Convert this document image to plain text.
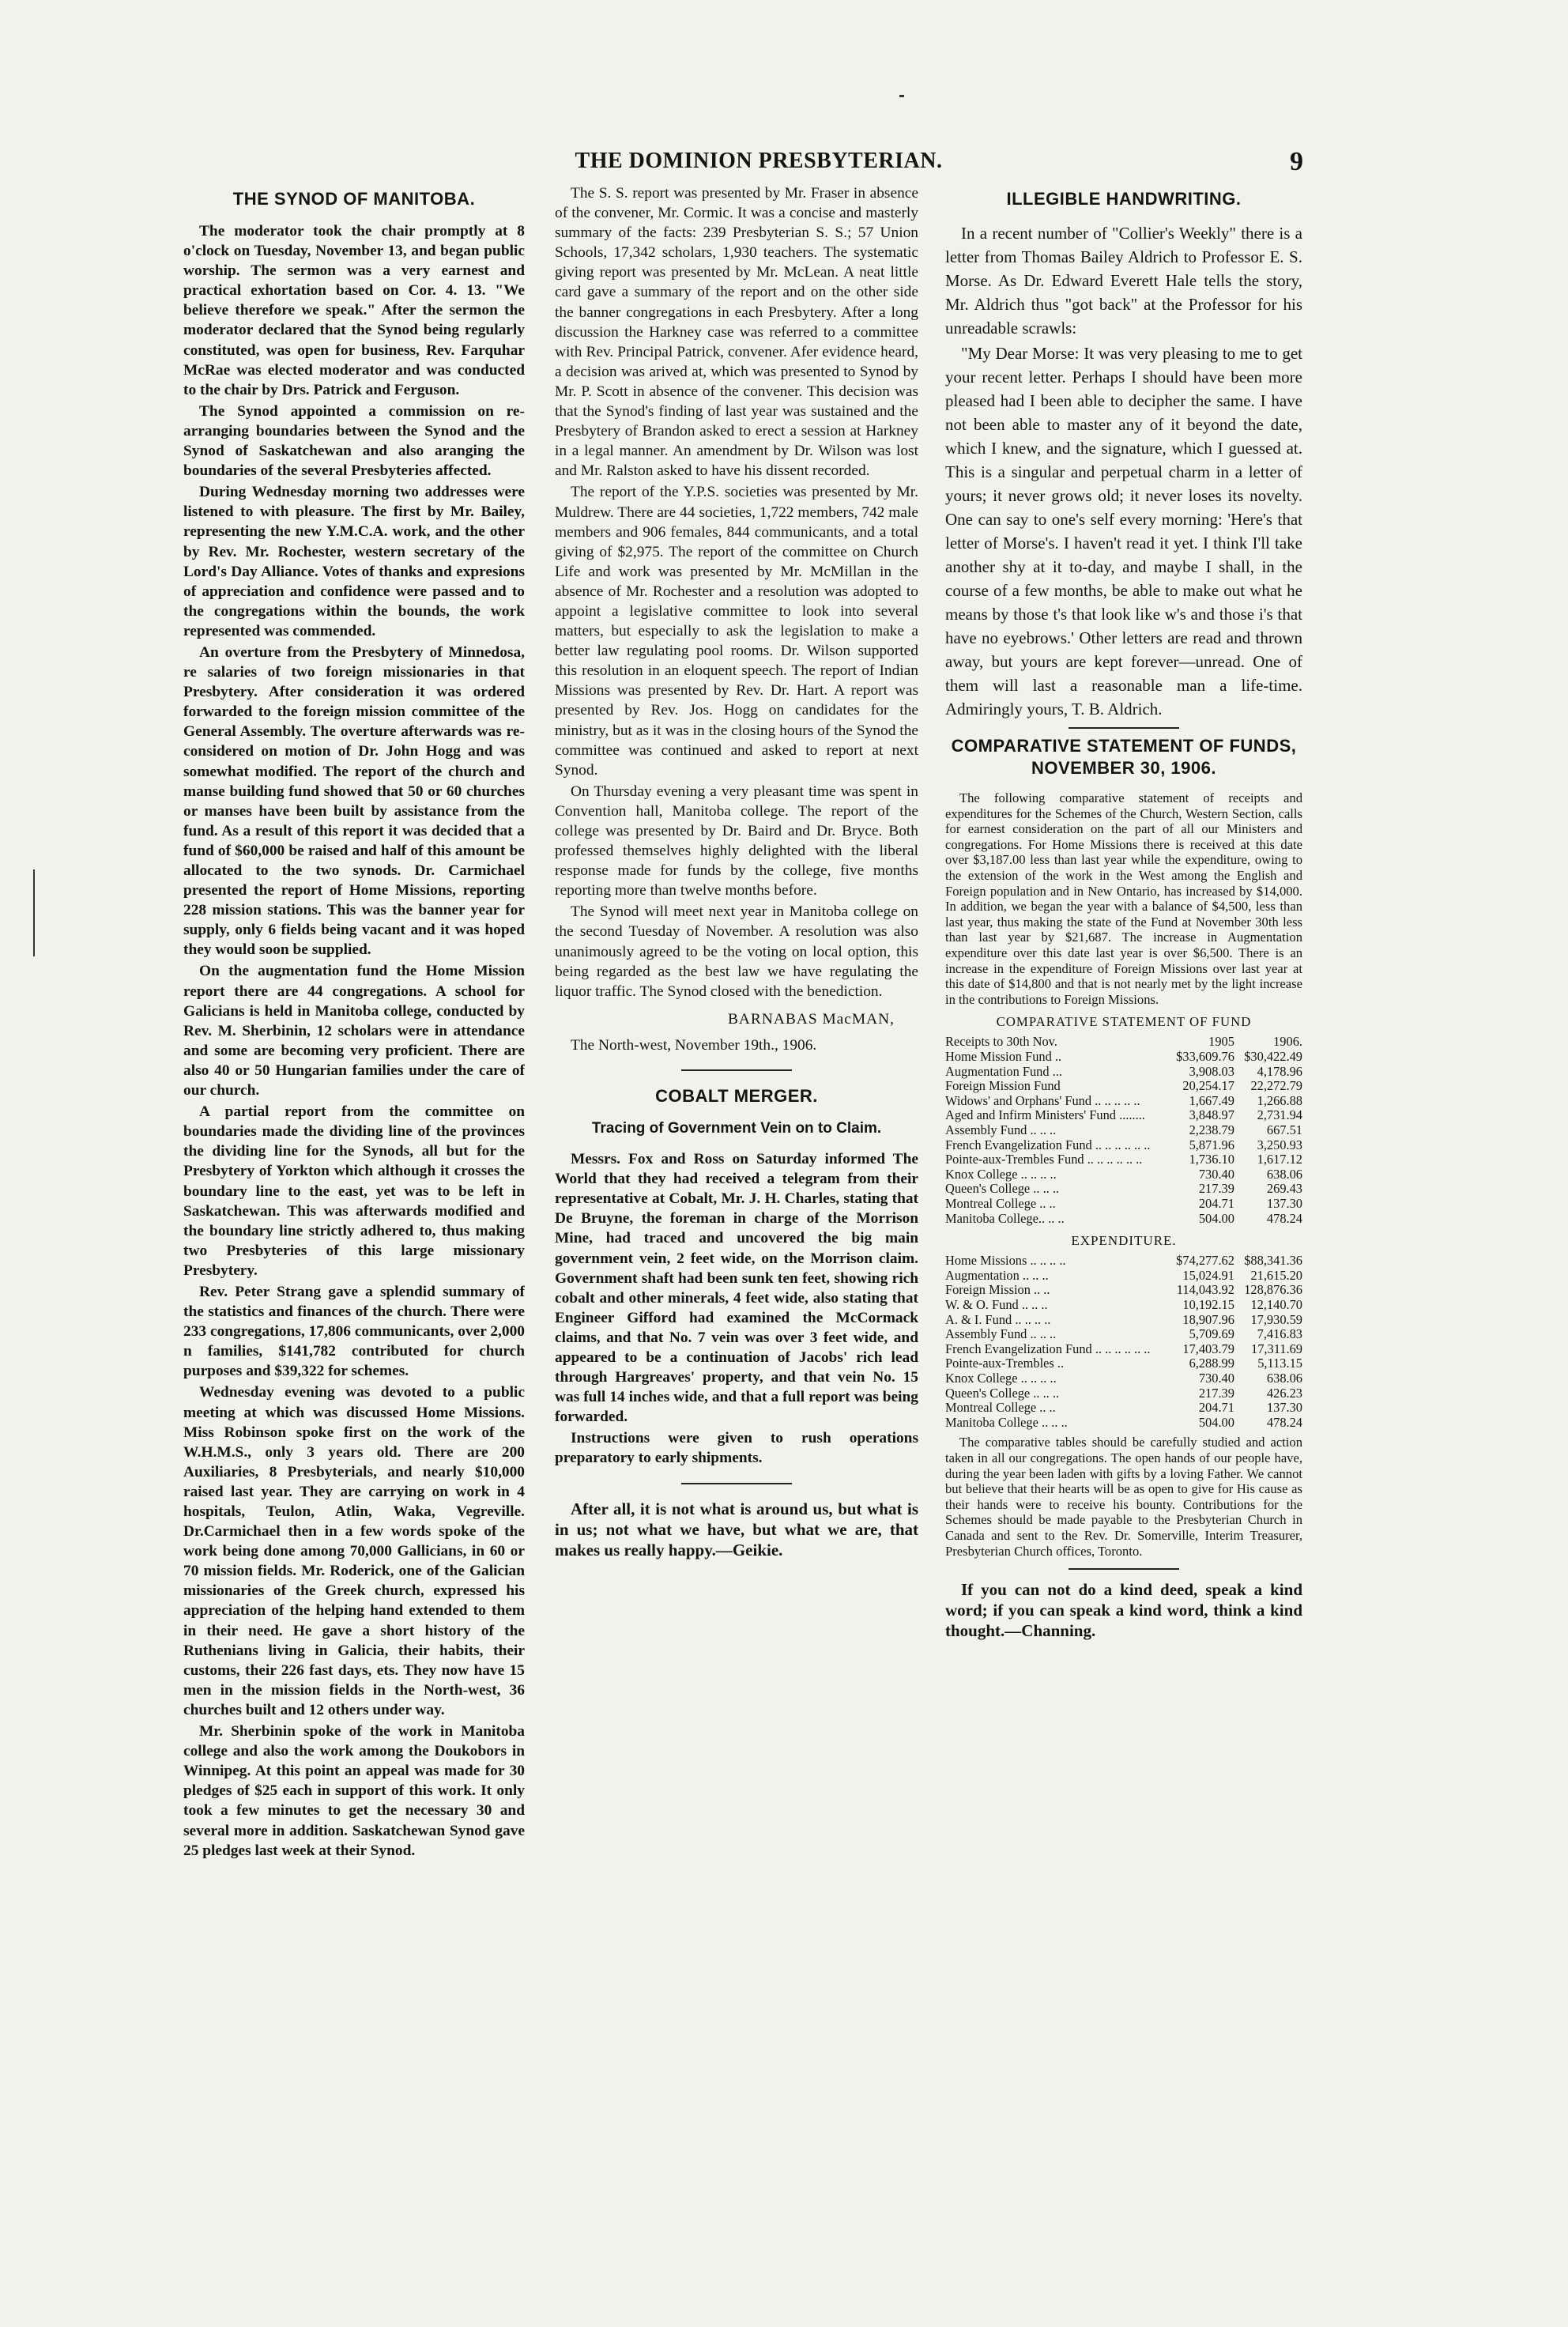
THE DOMINION PRESBYTERIAN.	9
THE SYNOD OF MANITOBA.

The moderator took the chair promptly at 8 o'clock on Tuesday, November 13, and began public worship. The sermon was a very earnest and practical exhortation based on Cor. 4. 13. "We believe therefore we speak." After the sermon the moderator declared that the Synod being regularly constituted, was open for business, Rev. Farquhar McRae was elected moderator and was conducted to the chair by Drs. Patrick and Ferguson.

The Synod appointed a commission on re-arranging boundaries between the Synod and the Synod of Saskatchewan and also aranging the boundaries of the several Presbyteries affected.

During Wednesday morning two addresses were listened to with pleasure. The first by Mr. Bailey, representing the new Y.M.C.A. work, and the other by Rev. Mr. Rochester, western secretary of the Lord's Day Alliance. Votes of thanks and expresions of appreciation and confidence were passed and to the congregations within the bounds, the work represented was commended.

An overture from the Presbytery of Minnedosa, re salaries of two foreign missionaries in that Presbytery. After consideration it was ordered forwarded to the foreign mission committee of the General Assembly. The overture afterwards was re-considered on motion of Dr. John Hogg and was somewhat modified. The report of the church and manse building fund showed that 50 or 60 churches or manses have been built by assistance from the fund. As a result of this report it was decided that a fund of $60,000 be raised and half of this amount be allocated to the two synods. Dr. Carmichael presented the report of Home Missions, reporting 228 mission stations. This was the banner year for supply, only 6 fields being vacant and it was hoped they would soon be supplied.

On the augmentation fund the Home Mission report there are 44 congregations. A school for Galicians is held in Manitoba college, conducted by Rev. M. Sherbinin, 12 scholars were in attendance and some are becoming very proficient. There are also 40 or 50 Hungarian families under the care of our church.

A partial report from the committee on boundaries made the dividing line of the provinces the dividing line for the Synods, all but for the Presbytery of Yorkton which although it crosses the boundary line to the east, yet was to be left in Saskatchewan. This was afterwards modified and the boundary line strictly adhered to, thus making two Presbyteries of this large missionary Presbytery.

Rev. Peter Strang gave a splendid summary of the statistics and finances of the church. There were 233 congregations, 17,806 communicants, over 2,000 n families, $141,782 contributed for church purposes and $39,322 for schemes.

Wednesday evening was devoted to a public meeting at which was discussed Home Missions. Miss Robinson spoke first on the work of the W.H.M.S., only 3 years old. There are 200 Auxiliaries, 8 Presbyterials, and nearly $10,000 raised last year. They are carrying on work in 4 hospitals, Teulon, Atlin, Waka, Vegreville. Dr.Carmichael then in a few words spoke of the work being done among 70,000 Gallicians, in 60 or 70 mission fields. Mr. Roderick, one of the Galician missionaries of the Greek church, expressed his appreciation of the helping hand extended to them in their need. He gave a short history of the Ruthenians living in Galicia, their habits, their customs, their 226 fast days, ets. They now have 15 men in the mission fields in the North-west, 36 churches built and 12 others under way.

Mr. Sherbinin spoke of the work in Manitoba college and also the work among the Doukobors in Winnipeg. At this point an appeal was made for 30 pledges of $25 each in support of this work. It only took a few minutes to get the necessary 30 and several more in addition. Saskatchewan Synod gave 25 pledges last week at their Synod.

The S. S. report was presented by Mr. Fraser in absence of the convener, Mr. Cormic. It was a concise and masterly summary of the facts: 239 Presbyterian S. S.; 57 Union Schools, 17,342 scholars, 1,930 teachers. The systematic giving report was presented by Mr. McLean. A neat little card gave a summary of the report and on the other side the banner congregations in each Presbytery. After a long discussion the Harkney case was referred to a committee with Rev. Principal Patrick, convener. Afer evidence heard, a decision was arived at, which was presented to Synod by Mr. P. Scott in absence of the convener. This decision was that the Synod's finding of last year was sustained and the Presbytery of Brandon asked to erect a session at Harkney in a legal manner. An amendment by Dr. Wilson was lost and Mr. Ralston asked to have his dissent recorded.

The report of the Y.P.S. societies was presented by Mr. Muldrew. There are 44 societies, 1,722 members, 742 male members and 906 females, 844 communicants, and a total giving of $2,975. The report of the committee on Church Life and work was presented by Mr. McMillan in the absence of Mr. Rochester and a resolution was adopted to appoint a legislative committee to look into several matters, but especially to ask the legislation to make a better law regulating pool rooms. Dr. Wilson supported this resolution in an eloquent speech. The report of Indian Missions was presented by Rev. Dr. Hart. A report was presented by Rev. Jos. Hogg on candidates for the ministry, but as it was in the closing hours of the Synod the committee was continued and asked to report at next Synod.

On Thursday evening a very pleasant time was spent in Convention hall, Manitoba college. The report of the college was presented by Dr. Baird and Dr. Bryce. Both professed themselves highly delighted with the liberal response made for funds by the college, five months reporting more than twelve months before.

The Synod will meet next year in Manitoba college on the second Tuesday of November. A resolution was also unanimously agreed to be the voting on local option, this being regarded as the best law we have regulating the liquor traffic. The Synod closed with the benediction.

BARNABAS MacMAN,
The North-west, November 19th., 1906.
COBALT MERGER.
Tracing of Government Vein on to Claim.

Messrs. Fox and Ross on Saturday informed The World that they had received a telegram from their representative at Cobalt, Mr. J. H. Charles, stating that De Bruyne, the foreman in charge of the Morrison Mine, had traced and uncovered the big main government vein, 2 feet wide, on the Morrison claim. Government shaft had been sunk ten feet, showing rich cobalt and other minerals, 4 feet wide, also stating that Engineer Gifford had examined the McCormack claims, and that No. 7 vein was over 3 feet wide, and appeared to be a continuation of Jacobs' rich lead through Hargreaves' property, and that vein No. 15 was full 14 inches wide, and that a full report was being forwarded.

Instructions were given to rush operations preparatory to early shipments.

After all, it is not what is around us, but what is in us; not what we have, but what we are, that makes us really happy.—Geikie.

ILLEGIBLE HANDWRITING.

In a recent number of "Collier's Weekly" there is a letter from Thomas Bailey Aldrich to Professor E. S. Morse. As Dr. Edward Everett Hale tells the story, Mr. Aldrich thus "got back" at the Professor for his unreadable scrawls:

"My Dear Morse: It was very pleasing to me to get your recent letter. Perhaps I should have been more pleased had I been able to decipher the same. I have not been able to master any of it beyond the date, which I knew, and the signature, which I guessed at. This is a singular and perpetual charm in a letter of yours; it never grows old; it never loses its novelty. One can say to one's self every morning: 'Here's that letter of Morse's. I haven't read it yet. I think I'll take another shy at it to-day, and maybe I shall, in the course of a few months, be able to make out what he means by those t's that look like w's and those i's that have no eyebrows.' Other letters are read and thrown away, but yours are kept forever—unread. One of them will last a reasonable man a life-time. Admiringly yours, T. B. Aldrich.

COMPARATIVE STATEMENT OF FUNDS, NOVEMBER 30, 1906.

The following comparative statement of receipts and expenditures for the Schemes of the Church, Western Section, calls for earnest consideration on the part of all our Ministers and congregations. For Home Missions there is received at this date over $3,187.00 less than last year while the expenditure, owing to the extension of the work in the West among the English and Foreign population and in New Ontario, has increased by $14,000. In addition, we began the year with a balance of $4,500, less than last year, thus making the state of the Fund at November 30th less than last year by $21,687. The increase in Augmentation expenditure over this date last year is over $6,500. There is an increase in the expenditure of Foreign Missions over last year at this date of $14,800 and that is not nearly met by the light increase in the contributions to Foreign Missions.

COMPARATIVE STATEMENT OF FUND
Receipts to 30th Nov.	1905	1906.
Home Mission Fund ..	$33,609.76	$30,422.49
Augmentation Fund ...	3,908.03	4,178.96
Foreign Mission Fund	20,254.17	22,272.79
Widows' and Orphans' Fund .. .. .. .. ..	1,667.49	1,266.88
Aged and Infirm Ministers' Fund ........	3,848.97	2,731.94
Assembly Fund .. .. ..	2,238.79	667.51
French Evangelization Fund .. .. .. .. .. ..	5,871.96	3,250.93
Pointe-aux-Trembles Fund .. .. .. .. .. ..	1,736.10	1,617.12
Knox College .. .. .. ..	730.40	638.06
Queen's College .. .. ..	217.39	269.43
Montreal College .. ..	204.71	137.30
Manitoba College.. .. ..	504.00	478.24
EXPENDITURE.
Home Missions .. .. .. ..	$74,277.62	$88,341.36
Augmentation .. .. ..	15,024.91	21,615.20
Foreign Mission .. ..	114,043.92	128,876.36
W. & O. Fund .. .. ..	10,192.15	12,140.70
A. & I. Fund .. .. .. ..	18,907.96	17,930.59
Assembly Fund .. .. ..	5,709.69	7,416.83
French Evangelization Fund .. .. .. .. .. ..	17,403.79	17,311.69
Pointe-aux-Trembles ..	6,288.99	5,113.15
Knox College .. .. .. ..	730.40	638.06
Queen's College .. .. ..	217.39	426.23
Montreal College .. ..	204.71	137.30
Manitoba College .. .. ..	504.00	478.24

The comparative tables should be carefully studied and action taken in all our congregations. The open hands of our people have, during the year been laden with gifts by a loving Father. We cannot but believe that their hearts will be as open to give for His cause as their hands were to receive his bounty. Contributions for the Schemes should be made payable to the Presbyterian Church in Canada and sent to the Rev. Dr. Somerville, Interim Treasurer, Presbyterian Church offices, Toronto.

If you can not do a kind deed, speak a kind word; if you can speak a kind word, think a kind thought.—Channing.
